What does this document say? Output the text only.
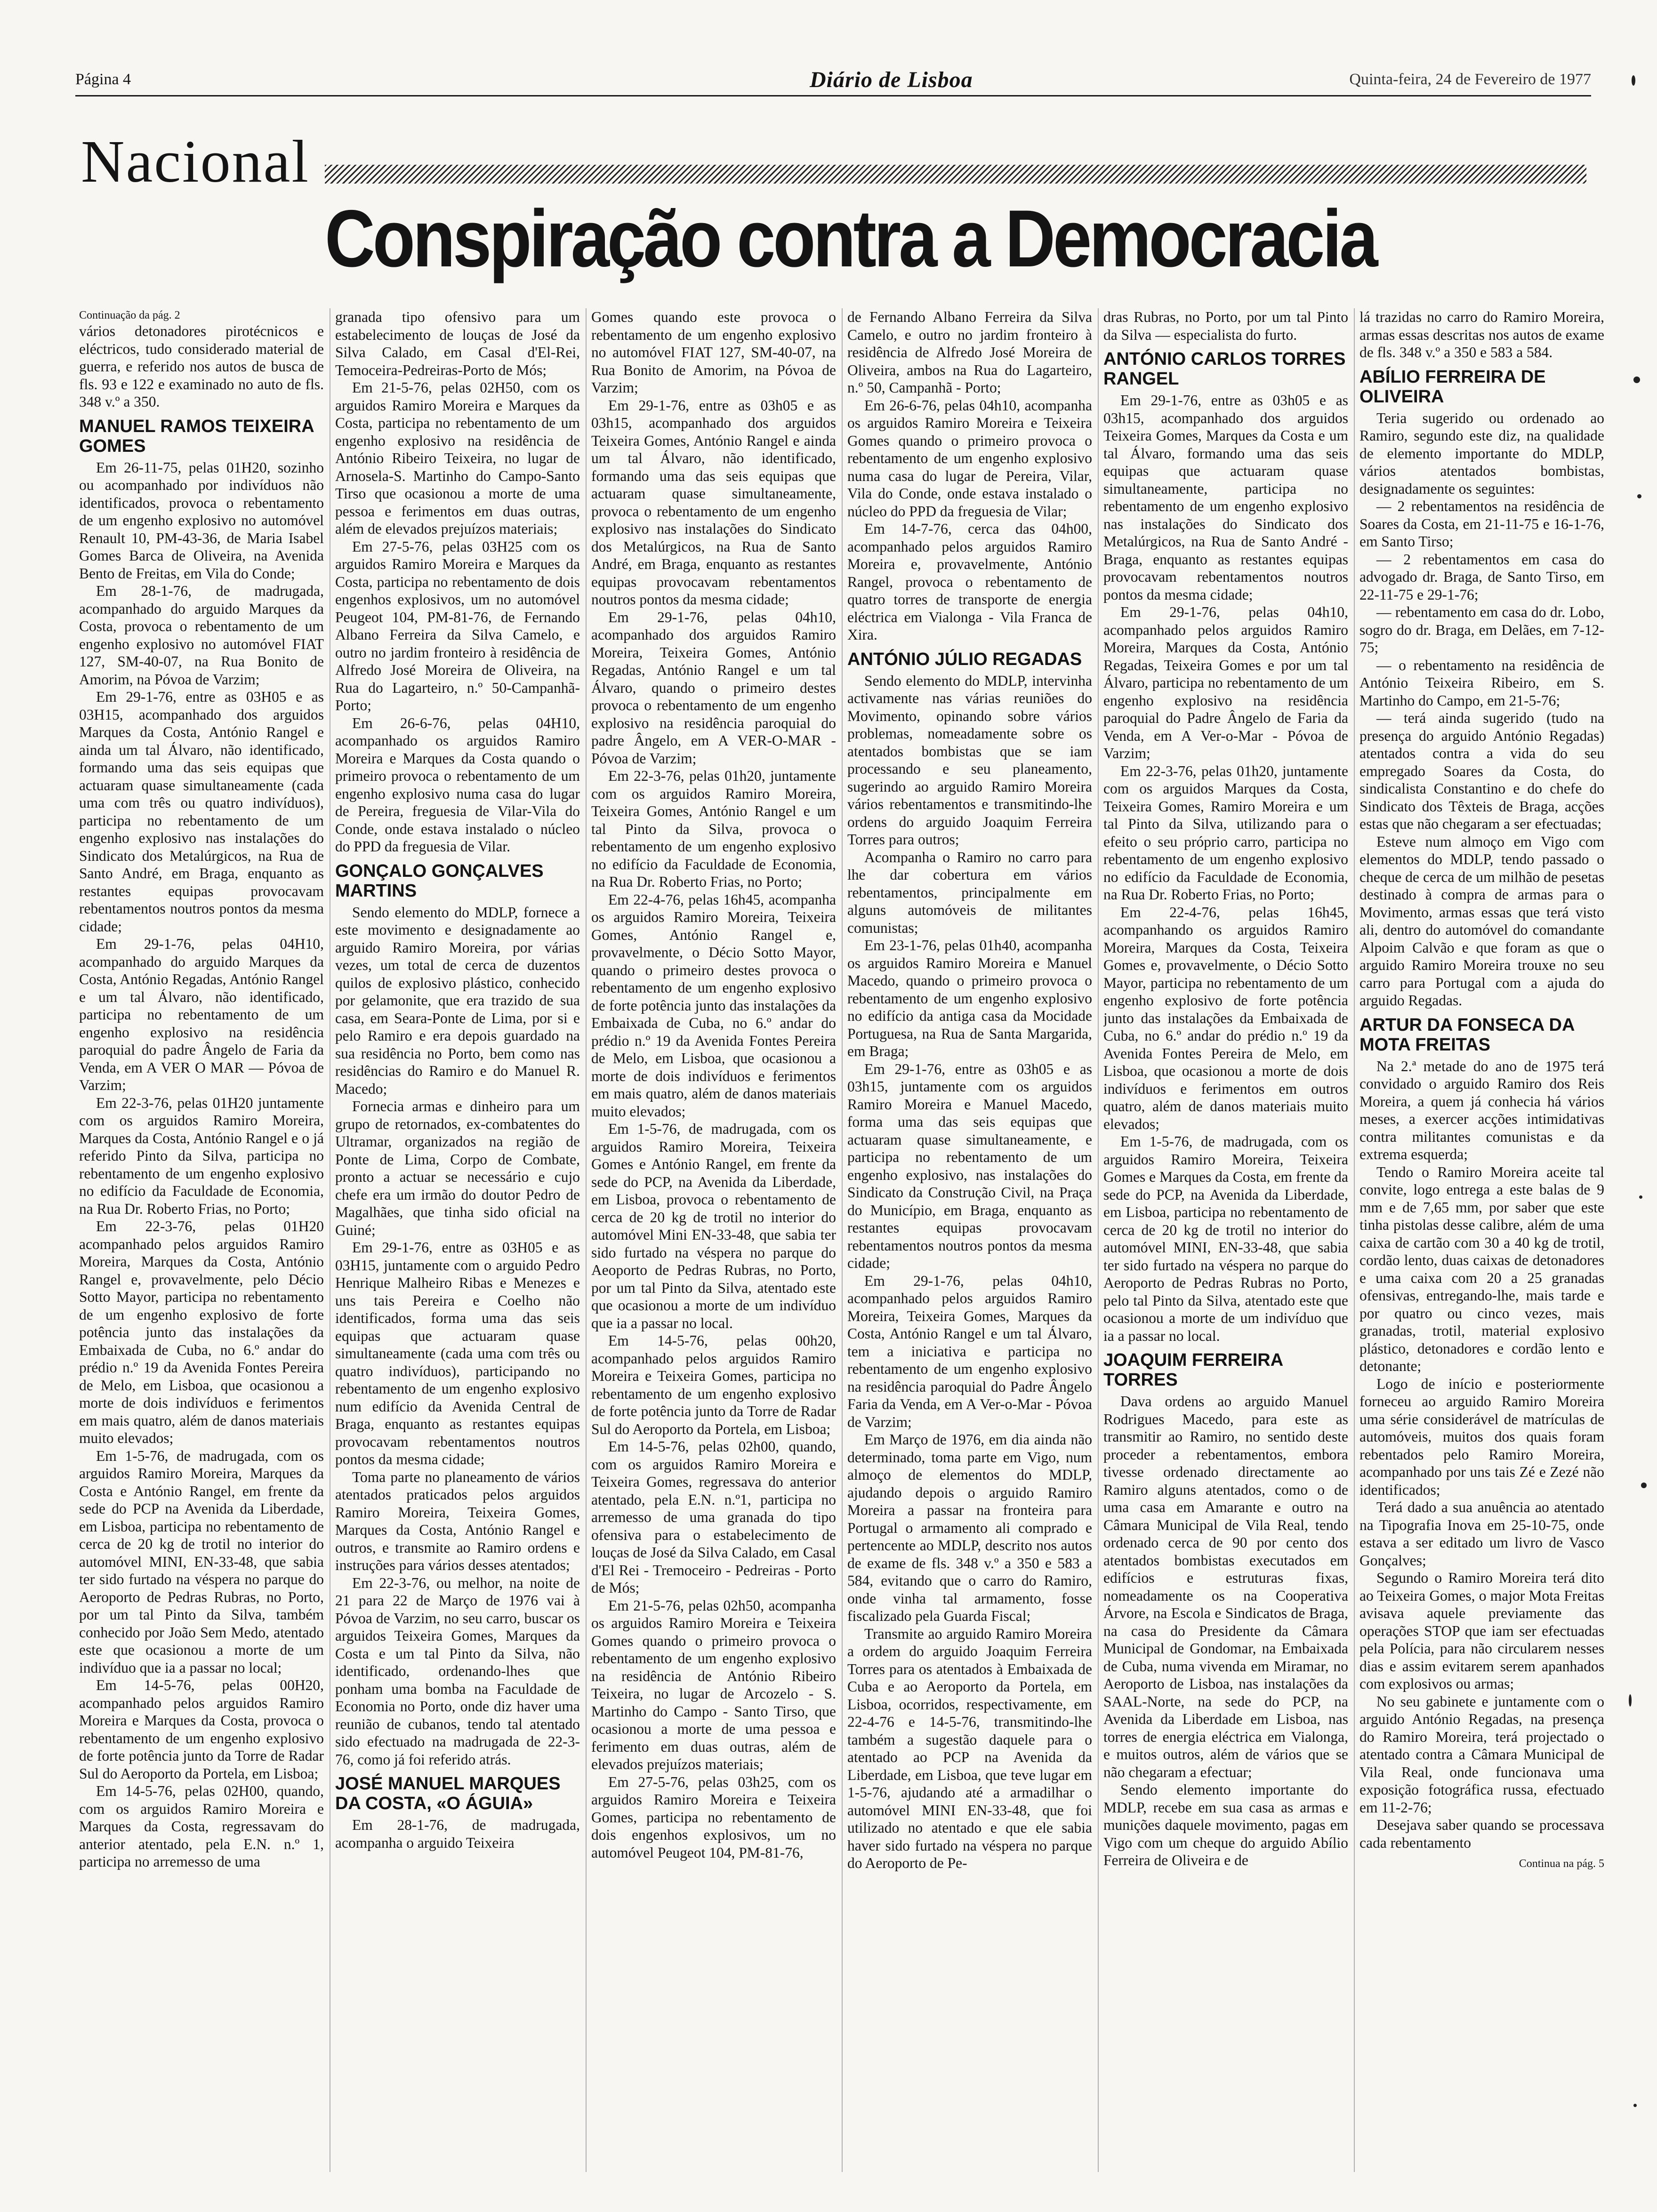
Página 4	Diário de Lisboa	Quinta-feira, 24 de Fevereiro de 1977
Nacional
Conspiração contra a Democracia

Continuação da pág. 2

vários detonadores pirotécnicos e eléctricos, tudo considerado material de guerra, e referido nos autos de busca de fls. 93 e 122 e examinado no auto de fls. 348 v.º a 350.

MANUEL RAMOS TEIXEIRA GOMES

Em 26-11-75, pelas 01H20, sozinho ou acompanhado por indivíduos não identificados, provoca o rebentamento de um engenho explosivo no automóvel Renault 10, PM-43-36, de Maria Isabel Gomes Barca de Oliveira, na Avenida Bento de Freitas, em Vila do Conde;

Em 28-1-76, de madrugada, acompanhado do arguido Marques da Costa, provoca o rebentamento de um engenho explosivo no automóvel FIAT 127, SM-40-07, na Rua Bonito de Amorim, na Póvoa de Varzim;

Em 29-1-76, entre as 03H05 e as 03H15, acompanhado dos arguidos Marques da Costa, António Rangel e ainda um tal Álvaro, não identificado, formando uma das seis equipas que actuaram quase simultaneamente (cada uma com três ou quatro indivíduos), participa no rebentamento de um engenho explosivo nas instalações do Sindicato dos Metalúrgicos, na Rua de Santo André, em Braga, enquanto as restantes equipas provocavam rebentamentos noutros pontos da mesma cidade;

Em 29-1-76, pelas 04H10, acompanhado do arguido Marques da Costa, António Regadas, António Rangel e um tal Álvaro, não identificado, participa no rebentamento de um engenho explosivo na residência paroquial do padre Ângelo de Faria da Venda, em A VER O MAR — Póvoa de Varzim;

Em 22-3-76, pelas 01H20 juntamente com os arguidos Ramiro Moreira, Marques da Costa, António Rangel e o já referido Pinto da Silva, participa no rebentamento de um engenho explosivo no edifício da Faculdade de Economia, na Rua Dr. Roberto Frias, no Porto;

Em 22-3-76, pelas 01H20 acompanhado pelos arguidos Ramiro Moreira, Marques da Costa, António Rangel e, provavelmente, pelo Décio Sotto Mayor, participa no rebentamento de um engenho explosivo de forte potência junto das instalações da Embaixada de Cuba, no 6.º andar do prédio n.º 19 da Avenida Fontes Pereira de Melo, em Lisboa, que ocasionou a morte de dois indivíduos e ferimentos em mais quatro, além de danos materiais muito elevados;

Em 1-5-76, de madrugada, com os arguidos Ramiro Moreira, Marques da Costa e António Rangel, em frente da sede do PCP na Avenida da Liberdade, em Lisboa, participa no rebentamento de cerca de 20 kg de trotil no interior do automóvel MINI, EN-33-48, que sabia ter sido furtado na véspera no parque do Aeroporto de Pedras Rubras, no Porto, por um tal Pinto da Silva, também conhecido por João Sem Medo, atentado este que ocasionou a morte de um indivíduo que ia a passar no local;

Em 14-5-76, pelas 00H20, acompanhado pelos arguidos Ramiro Moreira e Marques da Costa, provoca o rebentamento de um engenho explosivo de forte potência junto da Torre de Radar Sul do Aeroporto da Portela, em Lisboa;

Em 14-5-76, pelas 02H00, quando, com os arguidos Ramiro Moreira e Marques da Costa, regressavam do anterior atentado, pela E.N. n.º 1, participa no arremesso de uma

granada tipo ofensivo para um estabelecimento de louças de José da Silva Calado, em Casal d'El-Rei, Temoceira-Pedreiras-Porto de Mós;

Em 21-5-76, pelas 02H50, com os arguidos Ramiro Moreira e Marques da Costa, participa no rebentamento de um engenho explosivo na residência de António Ribeiro Teixeira, no lugar de Arnosela-S. Martinho do Campo-Santo Tirso que ocasionou a morte de uma pessoa e ferimentos em duas outras, além de elevados prejuízos materiais;

Em 27-5-76, pelas 03H25 com os arguidos Ramiro Moreira e Marques da Costa, participa no rebentamento de dois engenhos explosivos, um no automóvel Peugeot 104, PM-81-76, de Fernando Albano Ferreira da Silva Camelo, e outro no jardim fronteiro à residência de Alfredo José Moreira de Oliveira, na Rua do Lagarteiro, n.º 50-Campanhã-Porto;

Em 26-6-76, pelas 04H10, acompanhado os arguidos Ramiro Moreira e Marques da Costa quando o primeiro provoca o rebentamento de um engenho explosivo numa casa do lugar de Pereira, freguesia de Vilar-Vila do Conde, onde estava instalado o núcleo do PPD da freguesia de Vilar.

GONÇALO GONÇALVES MARTINS

Sendo elemento do MDLP, fornece a este movimento e designadamente ao arguido Ramiro Moreira, por várias vezes, um total de cerca de duzentos quilos de explosivo plástico, conhecido por gelamonite, que era trazido de sua casa, em Seara-Ponte de Lima, por si e pelo Ramiro e era depois guardado na sua residência no Porto, bem como nas residências do Ramiro e do Manuel R. Macedo;

Fornecia armas e dinheiro para um grupo de retornados, ex-combatentes do Ultramar, organizados na região de Ponte de Lima, Corpo de Combate, pronto a actuar se necessário e cujo chefe era um irmão do doutor Pedro de Magalhães, que tinha sido oficial na Guiné;

Em 29-1-76, entre as 03H05 e as 03H15, juntamente com o arguido Pedro Henrique Malheiro Ribas e Menezes e uns tais Pereira e Coelho não identificados, forma uma das seis equipas que actuaram quase simultaneamente (cada uma com três ou quatro indivíduos), participando no rebentamento de um engenho explosivo num edifício da Avenida Central de Braga, enquanto as restantes equipas provocavam rebentamentos noutros pontos da mesma cidade;

Toma parte no planeamento de vários atentados praticados pelos arguidos Ramiro Moreira, Teixeira Gomes, Marques da Costa, António Rangel e outros, e transmite ao Ramiro ordens e instruções para vários desses atentados;

Em 22-3-76, ou melhor, na noite de 21 para 22 de Março de 1976 vai à Póvoa de Varzim, no seu carro, buscar os arguidos Teixeira Gomes, Marques da Costa e um tal Pinto da Silva, não identificado, ordenando-lhes que ponham uma bomba na Faculdade de Economia no Porto, onde diz haver uma reunião de cubanos, tendo tal atentado sido efectuado na madrugada de 22-3-76, como já foi referido atrás.

JOSÉ MANUEL MARQUES DA COSTA, «O ÁGUIA»

Em 28-1-76, de madrugada, acompanha o arguido Teixeira

Gomes quando este provoca o rebentamento de um engenho explosivo no automóvel FIAT 127, SM-40-07, na Rua Bonito de Amorim, na Póvoa de Varzim;

Em 29-1-76, entre as 03h05 e as 03h15, acompanhado dos arguidos Teixeira Gomes, António Rangel e ainda um tal Álvaro, não identificado, formando uma das seis equipas que actuaram quase simultaneamente, provoca o rebentamento de um engenho explosivo nas instalações do Sindicato dos Metalúrgicos, na Rua de Santo André, em Braga, enquanto as restantes equipas provocavam rebentamentos noutros pontos da mesma cidade;

Em 29-1-76, pelas 04h10, acompanhado dos arguidos Ramiro Moreira, Teixeira Gomes, António Regadas, António Rangel e um tal Álvaro, quando o primeiro destes provoca o rebentamento de um engenho explosivo na residência paroquial do padre Ângelo, em A VER-O-MAR - Póvoa de Varzim;

Em 22-3-76, pelas 01h20, juntamente com os arguidos Ramiro Moreira, Teixeira Gomes, António Rangel e um tal Pinto da Silva, provoca o rebentamento de um engenho explosivo no edifício da Faculdade de Economia, na Rua Dr. Roberto Frias, no Porto;

Em 22-4-76, pelas 16h45, acompanha os arguidos Ramiro Moreira, Teixeira Gomes, António Rangel e, provavelmente, o Décio Sotto Mayor, quando o primeiro destes provoca o rebentamento de um engenho explosivo de forte potência junto das instalações da Embaixada de Cuba, no 6.º andar do prédio n.º 19 da Avenida Fontes Pereira de Melo, em Lisboa, que ocasionou a morte de dois indivíduos e ferimentos em mais quatro, além de danos materiais muito elevados;

Em 1-5-76, de madrugada, com os arguidos Ramiro Moreira, Teixeira Gomes e António Rangel, em frente da sede do PCP, na Avenida da Liberdade, em Lisboa, provoca o rebentamento de cerca de 20 kg de trotil no interior do automóvel Mini EN-33-48, que sabia ter sido furtado na véspera no parque do Aeoporto de Pedras Rubras, no Porto, por um tal Pinto da Silva, atentado este que ocasionou a morte de um indivíduo que ia a passar no local.

Em 14-5-76, pelas 00h20, acompanhado pelos arguidos Ramiro Moreira e Teixeira Gomes, participa no rebentamento de um engenho explosivo de forte potência junto da Torre de Radar Sul do Aeroporto da Portela, em Lisboa;

Em 14-5-76, pelas 02h00, quando, com os arguidos Ramiro Moreira e Teixeira Gomes, regressava do anterior atentado, pela E.N. n.º1, participa no arremesso de uma granada do tipo ofensiva para o estabelecimento de louças de José da Silva Calado, em Casal d'El Rei - Tremoceiro - Pedreiras - Porto de Mós;

Em 21-5-76, pelas 02h50, acompanha os arguidos Ramiro Moreira e Teixeira Gomes quando o primeiro provoca o rebentamento de um engenho explosivo na residência de António Ribeiro Teixeira, no lugar de Arcozelo - S. Martinho do Campo - Santo Tirso, que ocasionou a morte de uma pessoa e ferimento em duas outras, além de elevados prejuízos materiais;

Em 27-5-76, pelas 03h25, com os arguidos Ramiro Moreira e Teixeira Gomes, participa no rebentamento de dois engenhos explosivos, um no automóvel Peugeot 104, PM-81-76,

de Fernando Albano Ferreira da Silva Camelo, e outro no jardim fronteiro à residência de Alfredo José Moreira de Oliveira, ambos na Rua do Lagarteiro, n.º 50, Campanhã - Porto;

Em 26-6-76, pelas 04h10, acompanha os arguidos Ramiro Moreira e Teixeira Gomes quando o primeiro provoca o rebentamento de um engenho explosivo numa casa do lugar de Pereira, Vilar, Vila do Conde, onde estava instalado o núcleo do PPD da freguesia de Vilar;

Em 14-7-76, cerca das 04h00, acompanhado pelos arguidos Ramiro Moreira e, provavelmente, António Rangel, provoca o rebentamento de quatro torres de transporte de energia eléctrica em Vialonga - Vila Franca de Xira.

ANTÓNIO JÚLIO REGADAS

Sendo elemento do MDLP, intervinha activamente nas várias reuniões do Movimento, opinando sobre vários problemas, nomeadamente sobre os atentados bombistas que se iam processando e seu planeamento, sugerindo ao arguido Ramiro Moreira vários rebentamentos e transmitindo-lhe ordens do arguido Joaquim Ferreira Torres para outros;

Acompanha o Ramiro no carro para lhe dar cobertura em vários rebentamentos, principalmente em alguns automóveis de militantes comunistas;

Em 23-1-76, pelas 01h40, acompanha os arguidos Ramiro Moreira e Manuel Macedo, quando o primeiro provoca o rebentamento de um engenho explosivo no edifício da antiga casa da Mocidade Portuguesa, na Rua de Santa Margarida, em Braga;

Em 29-1-76, entre as 03h05 e as 03h15, juntamente com os arguidos Ramiro Moreira e Manuel Macedo, forma uma das seis equipas que actuaram quase simultaneamente, e participa no rebentamento de um engenho explosivo, nas instalações do Sindicato da Construção Civil, na Praça do Município, em Braga, enquanto as restantes equipas provocavam rebentamentos noutros pontos da mesma cidade;

Em 29-1-76, pelas 04h10, acompanhado pelos arguidos Ramiro Moreira, Teixeira Gomes, Marques da Costa, António Rangel e um tal Álvaro, tem a iniciativa e participa no rebentamento de um engenho explosivo na residência paroquial do Padre Ângelo Faria da Venda, em A Ver-o-Mar - Póvoa de Varzim;

Em Março de 1976, em dia ainda não determinado, toma parte em Vigo, num almoço de elementos do MDLP, ajudando depois o arguido Ramiro Moreira a passar na fronteira para Portugal o armamento ali comprado e pertencente ao MDLP, descrito nos autos de exame de fls. 348 v.º a 350 e 583 a 584, evitando que o carro do Ramiro, onde vinha tal armamento, fosse fiscalizado pela Guarda Fiscal;

Transmite ao arguido Ramiro Moreira a ordem do arguido Joaquim Ferreira Torres para os atentados à Embaixada de Cuba e ao Aeroporto da Portela, em Lisboa, ocorridos, respectivamente, em 22-4-76 e 14-5-76, transmitindo-lhe também a sugestão daquele para o atentado ao PCP na Avenida da Liberdade, em Lisboa, que teve lugar em 1-5-76, ajudando até a armadilhar o automóvel MINI EN-33-48, que foi utilizado no atentado e que ele sabia haver sido furtado na véspera no parque do Aeroporto de Pe-

dras Rubras, no Porto, por um tal Pinto da Silva — especialista do furto.

ANTÓNIO CARLOS TORRES RANGEL

Em 29-1-76, entre as 03h05 e as 03h15, acompanhado dos arguidos Teixeira Gomes, Marques da Costa e um tal Álvaro, formando uma das seis equipas que actuaram quase simultaneamente, participa no rebentamento de um engenho explosivo nas instalações do Sindicato dos Metalúrgicos, na Rua de Santo André - Braga, enquanto as restantes equipas provocavam rebentamentos noutros pontos da mesma cidade;

Em 29-1-76, pelas 04h10, acompanhado pelos arguidos Ramiro Moreira, Marques da Costa, António Regadas, Teixeira Gomes e por um tal Álvaro, participa no rebentamento de um engenho explosivo na residência paroquial do Padre Ângelo de Faria da Venda, em A Ver-o-Mar - Póvoa de Varzim;

Em 22-3-76, pelas 01h20, juntamente com os arguidos Marques da Costa, Teixeira Gomes, Ramiro Moreira e um tal Pinto da Silva, utilizando para o efeito o seu próprio carro, participa no rebentamento de um engenho explosivo no edifício da Faculdade de Economia, na Rua Dr. Roberto Frias, no Porto;

Em 22-4-76, pelas 16h45, acompanhando os arguidos Ramiro Moreira, Marques da Costa, Teixeira Gomes e, provavelmente, o Décio Sotto Mayor, participa no rebentamento de um engenho explosivo de forte potência junto das instalações da Embaixada de Cuba, no 6.º andar do prédio n.º 19 da Avenida Fontes Pereira de Melo, em Lisboa, que ocasionou a morte de dois indivíduos e ferimentos em outros quatro, além de danos materiais muito elevados;

Em 1-5-76, de madrugada, com os arguidos Ramiro Moreira, Teixeira Gomes e Marques da Costa, em frente da sede do PCP, na Avenida da Liberdade, em Lisboa, participa no rebentamento de cerca de 20 kg de trotil no interior do automóvel MINI, EN-33-48, que sabia ter sido furtado na véspera no parque do Aeroporto de Pedras Rubras no Porto, pelo tal Pinto da Silva, atentado este que ocasionou a morte de um indivíduo que ia a passar no local.

JOAQUIM FERREIRA TORRES

Dava ordens ao arguido Manuel Rodrigues Macedo, para este as transmitir ao Ramiro, no sentido deste proceder a rebentamentos, embora tivesse ordenado directamente ao Ramiro alguns atentados, como o de uma casa em Amarante e outro na Câmara Municipal de Vila Real, tendo ordenado cerca de 90 por cento dos atentados bombistas executados em edifícios e estruturas fixas, nomeadamente os na Cooperativa Árvore, na Escola e Sindicatos de Braga, na casa do Presidente da Câmara Municipal de Gondomar, na Embaixada de Cuba, numa vivenda em Miramar, no Aeroporto de Lisboa, nas instalações da SAAL-Norte, na sede do PCP, na Avenida da Liberdade em Lisboa, nas torres de energia eléctrica em Vialonga, e muitos outros, além de vários que se não chegaram a efectuar;

Sendo elemento importante do MDLP, recebe em sua casa as armas e munições daquele movimento, pagas em Vigo com um cheque do arguido Abílio Ferreira de Oliveira e de

lá trazidas no carro do Ramiro Moreira, armas essas descritas nos autos de exame de fls. 348 v.º a 350 e 583 a 584.

ABÍLIO FERREIRA DE OLIVEIRA

Teria sugerido ou ordenado ao Ramiro, segundo este diz, na qualidade de elemento importante do MDLP, vários atentados bombistas, designadamente os seguintes:

— 2 rebentamentos na residência de Soares da Costa, em 21-11-75 e 16-1-76, em Santo Tirso;

— 2 rebentamentos em casa do advogado dr. Braga, de Santo Tirso, em 22-11-75 e 29-1-76;

— rebentamento em casa do dr. Lobo, sogro do dr. Braga, em Delães, em 7-12-75;

— o rebentamento na residência de António Teixeira Ribeiro, em S. Martinho do Campo, em 21-5-76;

— terá ainda sugerido (tudo na presença do arguido António Regadas) atentados contra a vida do seu empregado Soares da Costa, do sindicalista Constantino e do chefe do Sindicato dos Têxteis de Braga, acções estas que não chegaram a ser efectuadas;

Esteve num almoço em Vigo com elementos do MDLP, tendo passado o cheque de cerca de um milhão de pesetas destinado à compra de armas para o Movimento, armas essas que terá visto ali, dentro do automóvel do comandante Alpoim Calvão e que foram as que o arguido Ramiro Moreira trouxe no seu carro para Portugal com a ajuda do arguido Regadas.

ARTUR DA FONSECA DA MOTA FREITAS

Na 2.ª metade do ano de 1975 terá convidado o arguido Ramiro dos Reis Moreira, a quem já conhecia há vários meses, a exercer acções intimidativas contra militantes comunistas e da extrema esquerda;

Tendo o Ramiro Moreira aceite tal convite, logo entrega a este balas de 9 mm e de 7,65 mm, por saber que este tinha pistolas desse calibre, além de uma caixa de cartão com 30 a 40 kg de trotil, cordão lento, duas caixas de detonadores e uma caixa com 20 a 25 granadas ofensivas, entregando-lhe, mais tarde e por quatro ou cinco vezes, mais granadas, trotil, material explosivo plástico, detonadores e cordão lento e detonante;

Logo de início e posteriormente forneceu ao arguido Ramiro Moreira uma série considerável de matrículas de automóveis, muitos dos quais foram rebentados pelo Ramiro Moreira, acompanhado por uns tais Zé e Zezé não identificados;

Terá dado a sua anuência ao atentado na Tipografia Inova em 25-10-75, onde estava a ser editado um livro de Vasco Gonçalves;

Segundo o Ramiro Moreira terá dito ao Teixeira Gomes, o major Mota Freitas avisava aquele previamente das operações STOP que iam ser efectuadas pela Polícia, para não circularem nesses dias e assim evitarem serem apanhados com explosivos ou armas;

No seu gabinete e juntamente com o arguido António Regadas, na presença do Ramiro Moreira, terá projectado o atentado contra a Câmara Municipal de Vila Real, onde funcionava uma exposição fotográfica russa, efectuado em 11-2-76;

Desejava saber quando se processava cada rebentamento

Continua na pág. 5
